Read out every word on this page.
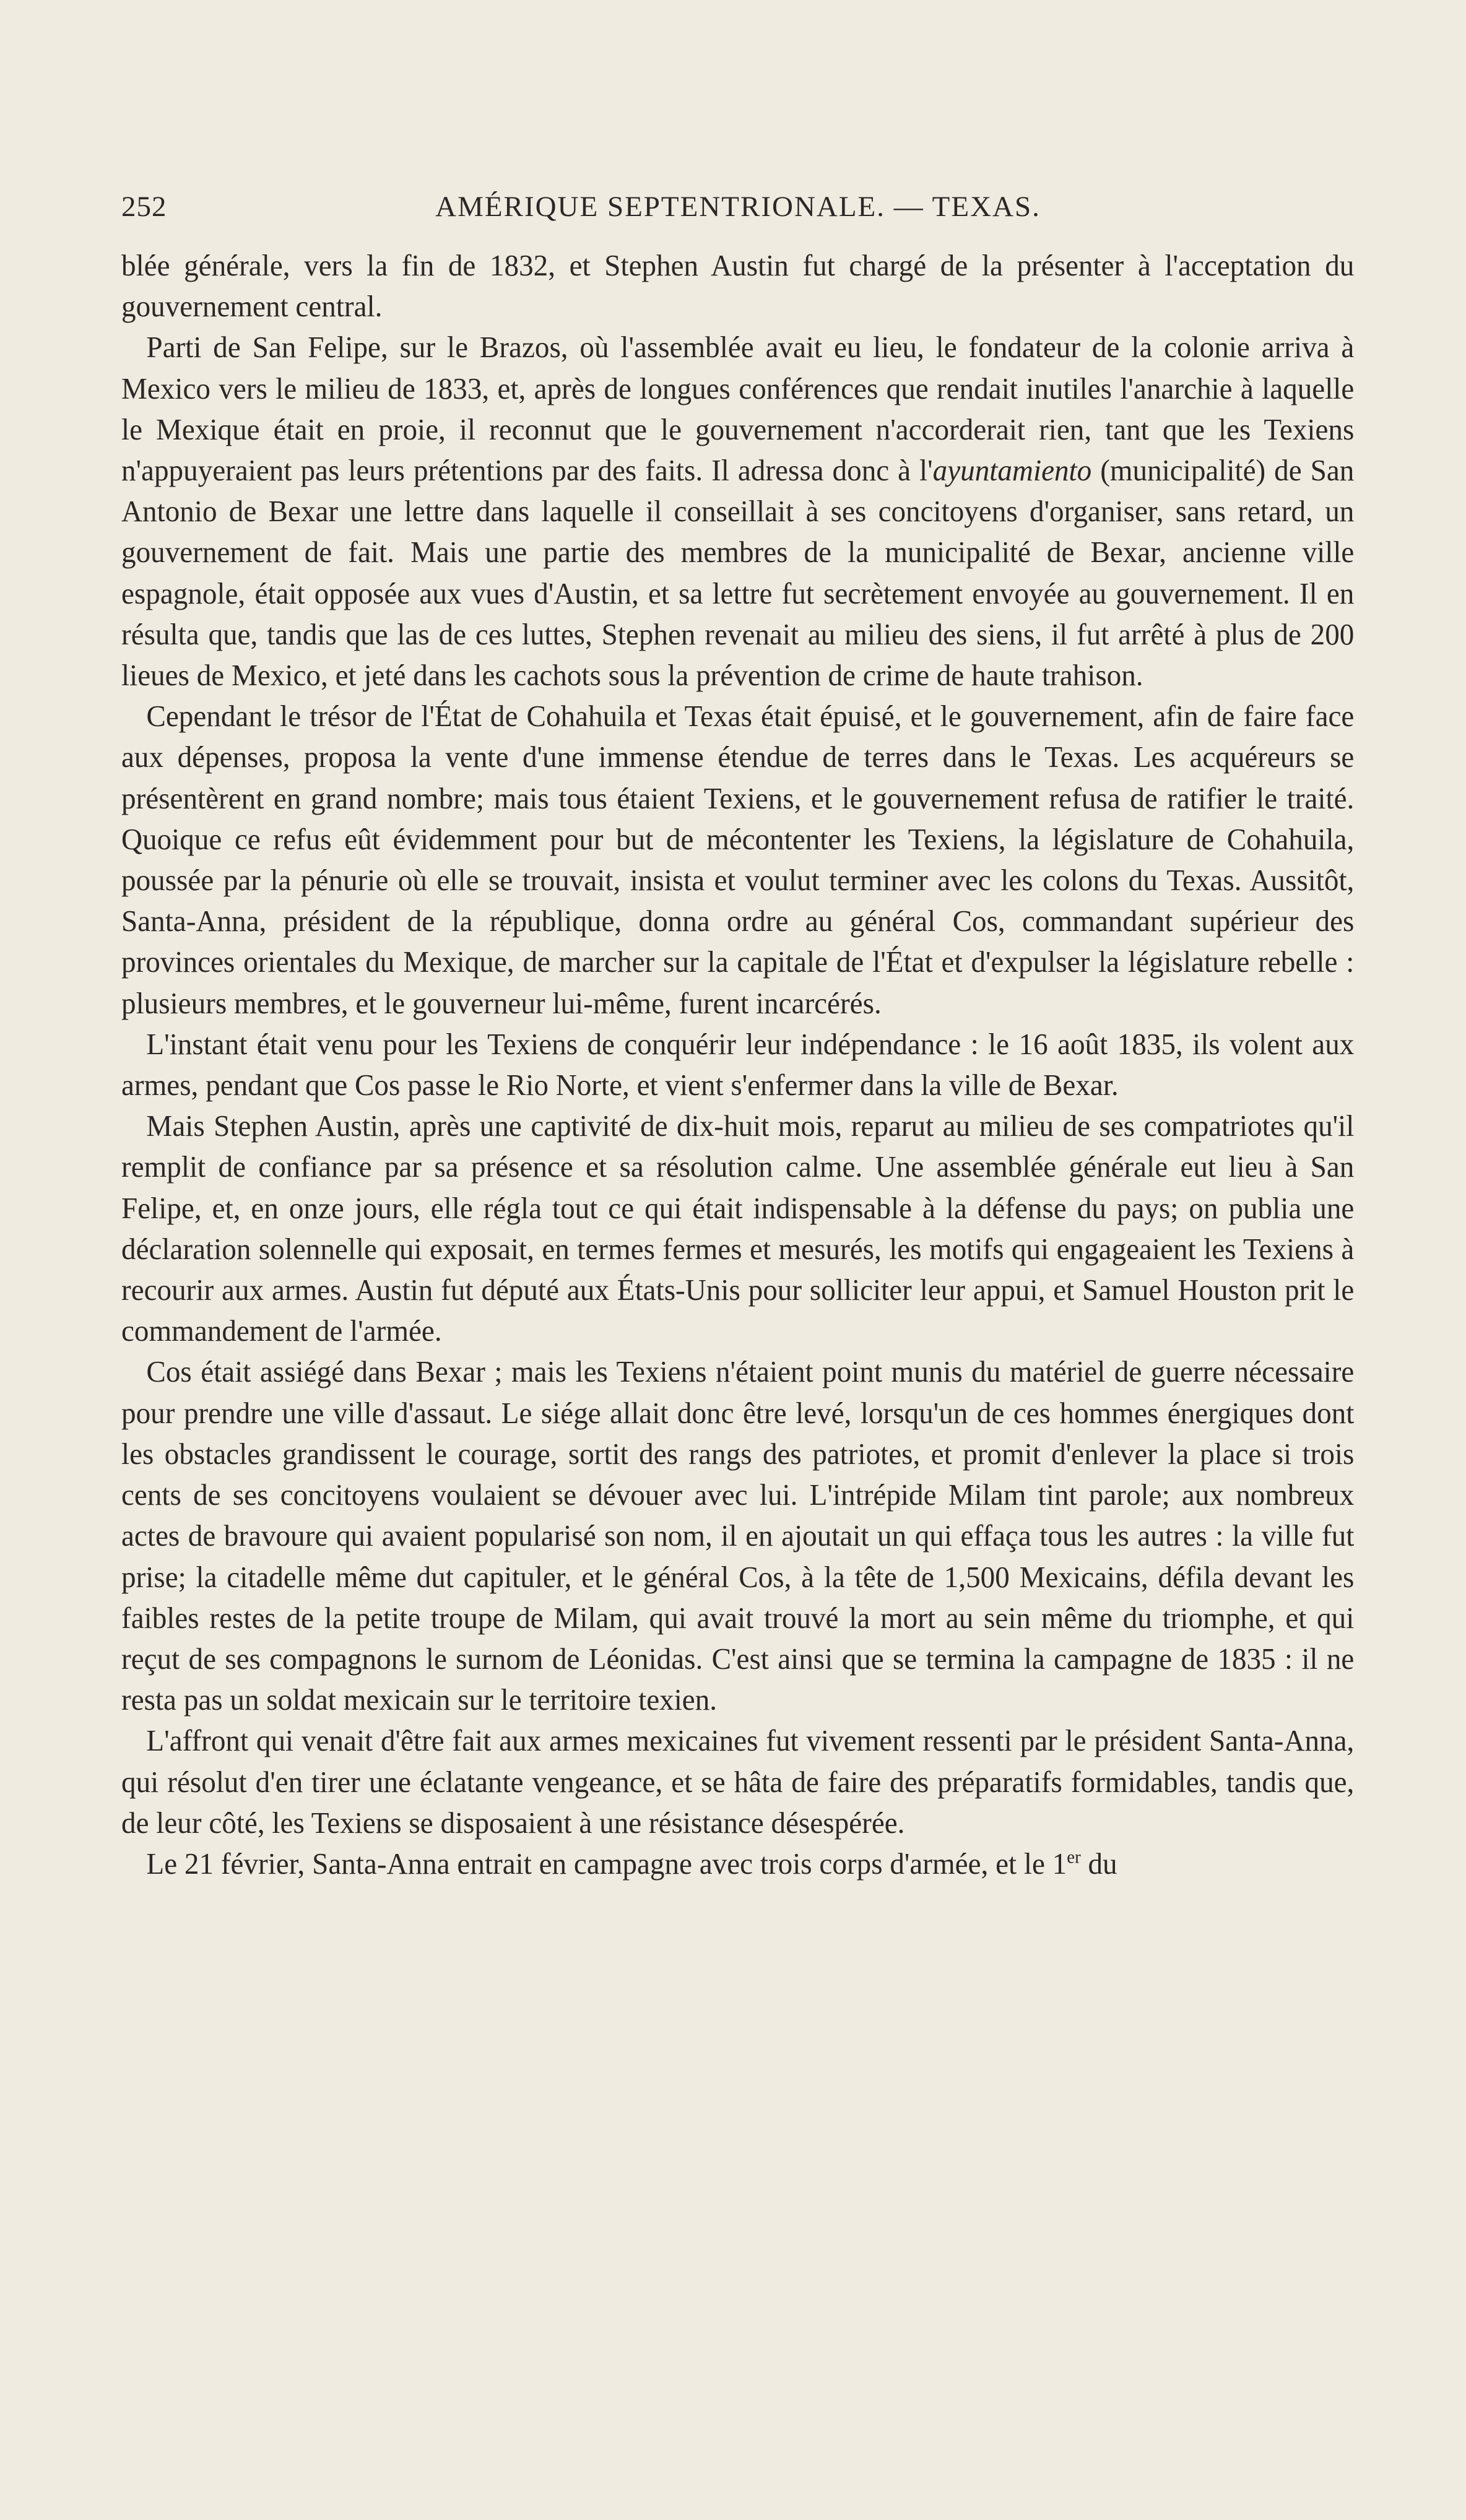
252	AMÉRIQUE SEPTENTRIONALE. — TEXAS.

blée générale, vers la fin de 1832, et Stephen Austin fut chargé de la présenter à l'acceptation du gouvernement central.

Parti de San Felipe, sur le Brazos, où l'assemblée avait eu lieu, le fondateur de la colonie arriva à Mexico vers le milieu de 1833, et, après de longues conférences que rendait inutiles l'anarchie à laquelle le Mexique était en proie, il reconnut que le gouvernement n'accorderait rien, tant que les Texiens n'appuyeraient pas leurs prétentions par des faits. Il adressa donc à l'ayuntamiento (municipalité) de San Antonio de Bexar une lettre dans laquelle il conseillait à ses concitoyens d'organiser, sans retard, un gouvernement de fait. Mais une partie des membres de la municipalité de Bexar, ancienne ville espagnole, était opposée aux vues d'Austin, et sa lettre fut secrètement envoyée au gouvernement. Il en résulta que, tandis que las de ces luttes, Stephen revenait au milieu des siens, il fut arrêté à plus de 200 lieues de Mexico, et jeté dans les cachots sous la prévention de crime de haute trahison.

Cependant le trésor de l'État de Cohahuila et Texas était épuisé, et le gouvernement, afin de faire face aux dépenses, proposa la vente d'une immense étendue de terres dans le Texas. Les acquéreurs se présentèrent en grand nombre; mais tous étaient Texiens, et le gouvernement refusa de ratifier le traité. Quoique ce refus eût évidemment pour but de mécontenter les Texiens, la législature de Cohahuila, poussée par la pénurie où elle se trouvait, insista et voulut terminer avec les colons du Texas. Aussitôt, Santa-Anna, président de la république, donna ordre au général Cos, commandant supérieur des provinces orientales du Mexique, de marcher sur la capitale de l'État et d'expulser la législature rebelle : plusieurs membres, et le gouverneur lui-même, furent incarcérés.

L'instant était venu pour les Texiens de conquérir leur indépendance : le 16 août 1835, ils volent aux armes, pendant que Cos passe le Rio Norte, et vient s'enfermer dans la ville de Bexar.

Mais Stephen Austin, après une captivité de dix-huit mois, reparut au milieu de ses compatriotes qu'il remplit de confiance par sa présence et sa résolution calme. Une assemblée générale eut lieu à San Felipe, et, en onze jours, elle régla tout ce qui était indispensable à la défense du pays; on publia une déclaration solennelle qui exposait, en termes fermes et mesurés, les motifs qui engageaient les Texiens à recourir aux armes. Austin fut député aux États-Unis pour solliciter leur appui, et Samuel Houston prit le commandement de l'armée.

Cos était assiégé dans Bexar ; mais les Texiens n'étaient point munis du matériel de guerre nécessaire pour prendre une ville d'assaut. Le siége allait donc être levé, lorsqu'un de ces hommes énergiques dont les obstacles grandissent le courage, sortit des rangs des patriotes, et promit d'enlever la place si trois cents de ses concitoyens voulaient se dévouer avec lui. L'intrépide Milam tint parole; aux nombreux actes de bravoure qui avaient popularisé son nom, il en ajoutait un qui effaça tous les autres : la ville fut prise; la citadelle même dut capituler, et le général Cos, à la tête de 1,500 Mexicains, défila devant les faibles restes de la petite troupe de Milam, qui avait trouvé la mort au sein même du triomphe, et qui reçut de ses compagnons le surnom de Léonidas. C'est ainsi que se termina la campagne de 1835 : il ne resta pas un soldat mexicain sur le territoire texien.

L'affront qui venait d'être fait aux armes mexicaines fut vivement ressenti par le président Santa-Anna, qui résolut d'en tirer une éclatante vengeance, et se hâta de faire des préparatifs formidables, tandis que, de leur côté, les Texiens se disposaient à une résistance désespérée.

Le 21 février, Santa-Anna entrait en campagne avec trois corps d'armée, et le 1er du
